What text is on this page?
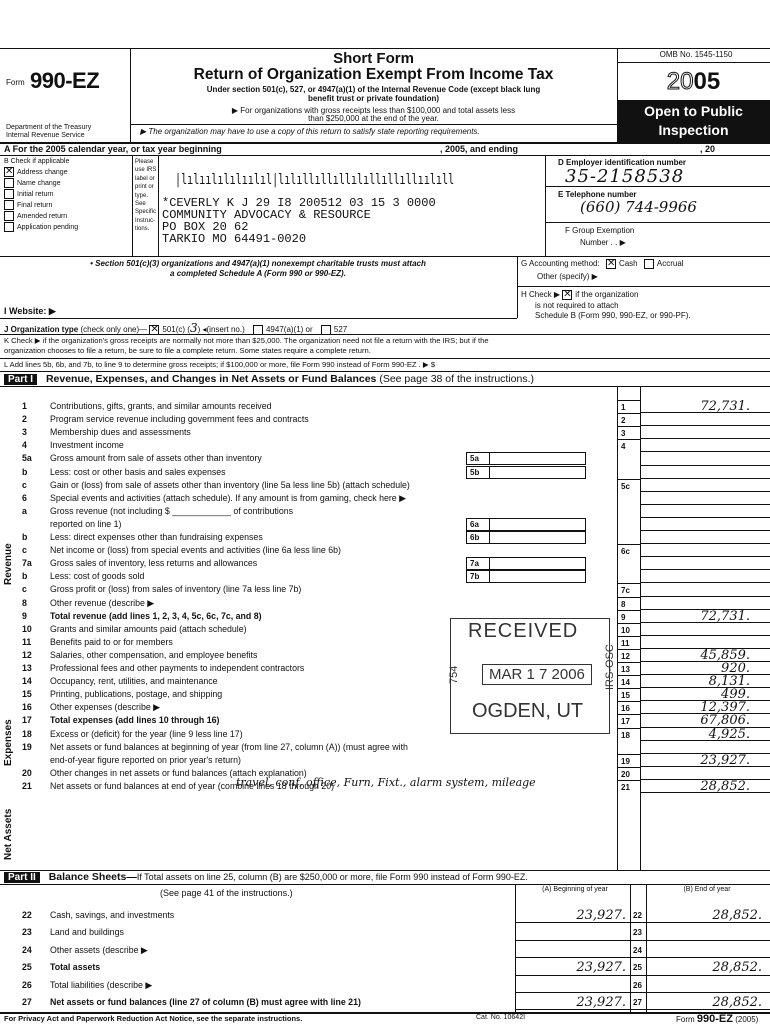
Form 990-EZ
Department of the Treasury
Internal Revenue Service
Short Form
Return of Organization Exempt From Income Tax
Under section 501(c), 527, or 4947(a)(1) of the Internal Revenue Code (except black lung
benefit trust or private foundation)
▶ For organizations with gross receipts less than $100,000 and total assets less
than $250,000 at the end of the year.
▶ The organization may have to use a copy of this return to satisfy state reporting requirements.
OMB No. 1545-1150
2005
Open to Public
Inspection
A For the 2005 calendar year, or tax year beginning	, 2005, and ending	, 20
B Check if applicable
✕ Address change
Name change
Initial return
Final return
Amended return
Application pending
Please
use IRS
label or
print or
type.
See
Specific
Instruc-
tions.
|lılıılılılıılıl|lılıllıllıllılıllıllıllıılıll
*CEVERLY K J 29 I8 200512 03 15 3 0000
COMMUNITY ADVOCACY & RESOURCE
PO BOX 20 62
TARKIO MO 64491-0020
D Employer identification number
35-2158538
E Telephone number
(660) 744-9966
F Group Exemption
Number . . ▶
• Section 501(c)(3) organizations and 4947(a)(1) nonexempt charitable trusts must attach
a completed Schedule A (Form 990 or 990-EZ).
G Accounting method: ✕ Cash Accrual
Other (specify) ▶
H Check ▶ ✕ if the organization
is not required to attach
Schedule B (Form 990, 990-EZ, or 990-PF).
I Website: ▶
J Organization type (check only one)— ✕ 501(c) (3) ◂(insert no.)	4947(a)(1) or	527
K Check ▶ if the organization's gross receipts are normally not more than $25,000. The organization need not file a return with the IRS; but if the
organization chooses to file a return, be sure to file a complete return. Some states require a complete return.
L Add lines 5b, 6b, and 7b, to line 9 to determine gross receipts; if $100,000 or more, file Form 990 instead of Form 990-EZ . ▶ $
Part I Revenue, Expenses, and Changes in Net Assets or Fund Balances (See page 38 of the instructions.)
Revenue
Expenses
Net Assets
1	Contributions, gifts, grants, and similar amounts received	1	72,731.
2	Program service revenue including government fees and contracts	2
3	Membership dues and assessments	3
4	Investment income	4
5a	Gross amount from sale of assets other than inventory	5a
b	Less: cost or other basis and sales expenses	5b
c	Gain or (loss) from sale of assets other than inventory (line 5a less line 5b) (attach schedule)	5c
6	Special events and activities (attach schedule). If any amount is from gaming, check here ▶
a	Gross revenue (not including $ ____________ of contributions
reported on line 1)	6a
b	Less: direct expenses other than fundraising expenses	6b
c	Net income or (loss) from special events and activities (line 6a less line 6b)	6c
7a	Gross sales of inventory, less returns and allowances	7a
b	Less: cost of goods sold	7b
c	Gross profit or (loss) from sales of inventory (line 7a less line 7b)	7c
8	Other revenue (describe ▶	8
9	Total revenue (add lines 1, 2, 3, 4, 5c, 6c, 7c, and 8)	9	72,731.
10	Grants and similar amounts paid (attach schedule)	10
11	Benefits paid to or for members	11
12	Salaries, other compensation, and employee benefits	12	45,859.
13	Professional fees and other payments to independent contractors	13	920.
14	Occupancy, rent, utilities, and maintenance	14	8,131.
15	Printing, publications, postage, and shipping	15	499.
16	Other expenses (describe ▶	16	12,397.
17	Total expenses (add lines 10 through 16)	17	67,806.
18	Excess or (deficit) for the year (line 9 less line 17)	18	4,925.
19	Net assets or fund balances at beginning of year (from line 27, column (A)) (must agree with
end-of-year figure reported on prior year's return)	19	23,927.
20	Other changes in net assets or fund balances (attach explanation)	20
21	Net assets or fund balances at end of year (combine lines 18 through 20)	21	28,852.
travel, conf, office, Furn, Fixt., alarm system, mileage
RECEIVED
MAR 1 7 2006
OGDEN, UT
754	IRS-OSC
Part II Balance Sheets—If Total assets on line 25, column (B) are $250,000 or more, file Form 990 instead of Form 990-EZ.
(See page 41 of the instructions.)	(A) Beginning of year	(B) End of year
22	Cash, savings, and investments	23,927. 22	28,852.
23	Land and buildings	23
24	Other assets (describe ▶	24
25	Total assets	23,927. 25	28,852.
26	Total liabilities (describe ▶	26
27	Net assets or fund balances (line 27 of column (B) must agree with line 21)	23,927. 27	28,852.
For Privacy Act and Paperwork Reduction Act Notice, see the separate instructions.	Cat. No. 10642I	Form 990-EZ (2005)
